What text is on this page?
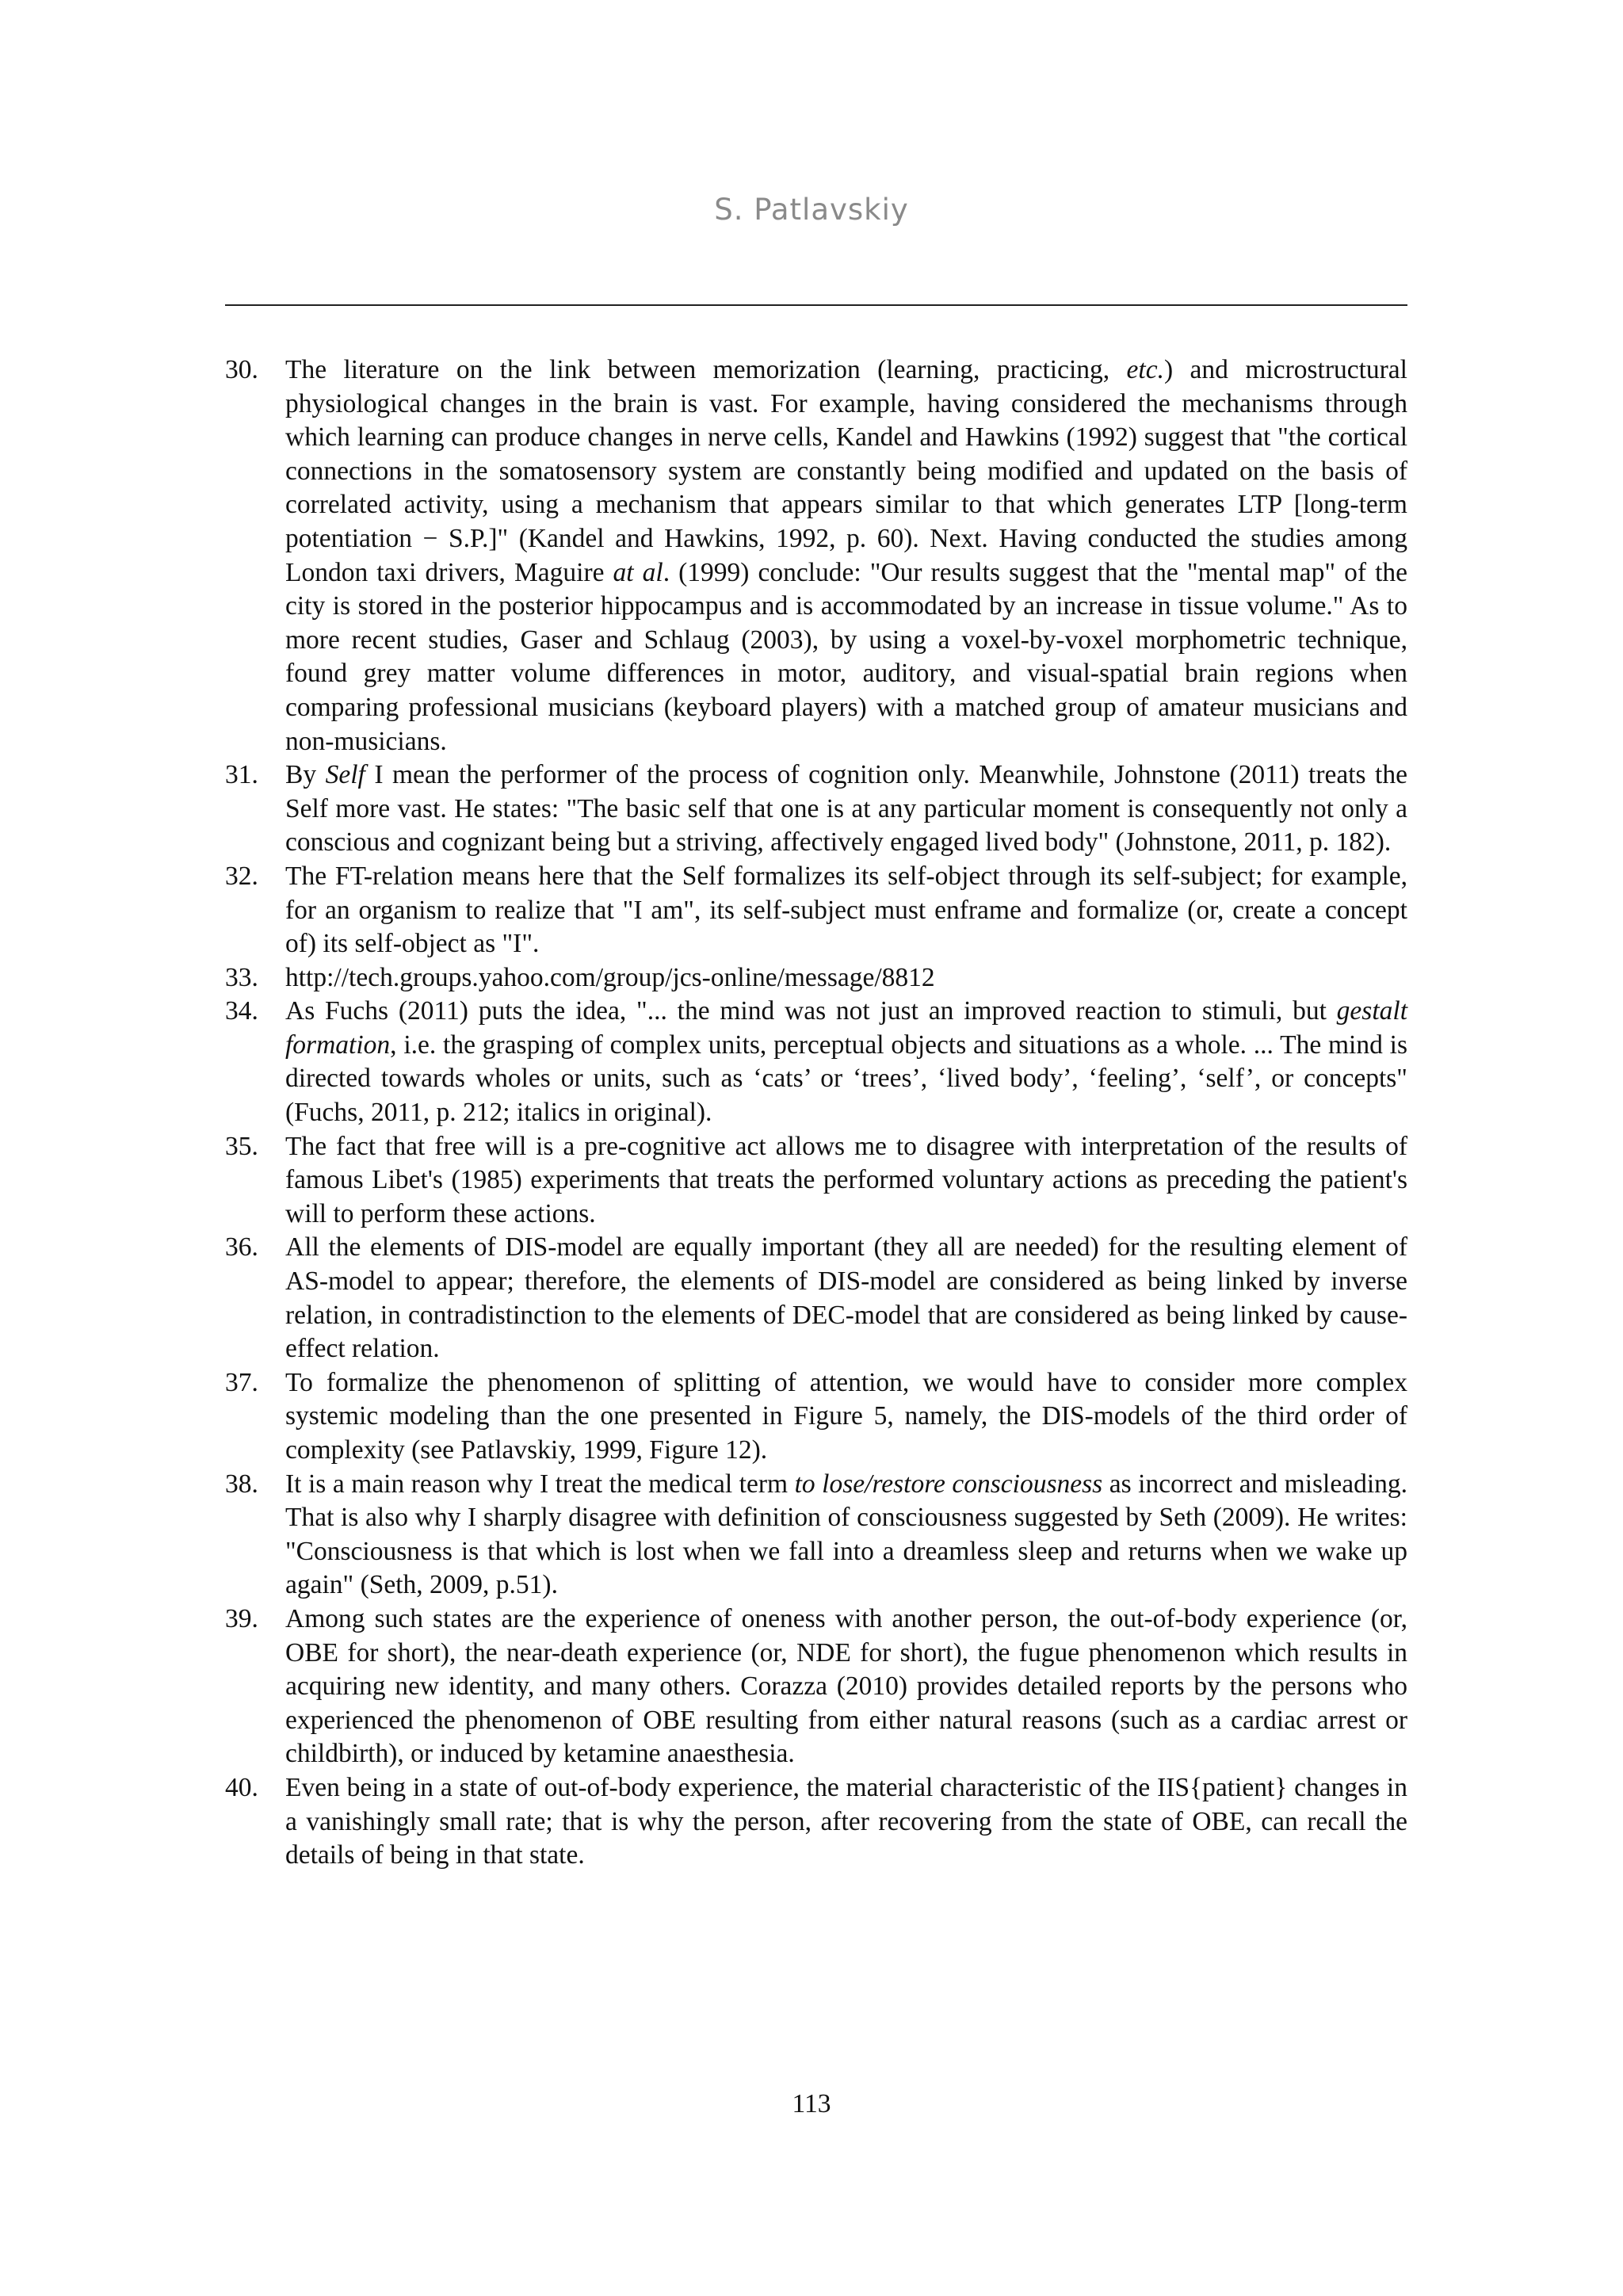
S. Patlavskiy
30. The literature on the link between memorization (learning, practicing, etc.) and microstructural physiological changes in the brain is vast. For example, having considered the mechanisms through which learning can produce changes in nerve cells, Kandel and Hawkins (1992) suggest that "the cortical connections in the somatosensory system are constantly being modified and updated on the basis of correlated activity, using a mechanism that appears similar to that which generates LTP [long-term potentiation − S.P.]" (Kandel and Hawkins, 1992, p. 60). Next. Having conducted the studies among London taxi drivers, Maguire at al. (1999) conclude: "Our results suggest that the "mental map" of the city is stored in the posterior hippocampus and is accommodated by an increase in tissue volume." As to more recent studies, Gaser and Schlaug (2003), by using a voxel-by-voxel morphometric technique, found grey matter volume differences in motor, auditory, and visual-spatial brain regions when comparing professional musicians (keyboard players) with a matched group of amateur musicians and non-musicians.
31. By Self I mean the performer of the process of cognition only. Meanwhile, Johnstone (2011) treats the Self more vast. He states: "The basic self that one is at any particular moment is consequently not only a conscious and cognizant being but a striving, affectively engaged lived body" (Johnstone, 2011, p. 182).
32. The FT-relation means here that the Self formalizes its self-object through its self-subject; for example, for an organism to realize that "I am", its self-subject must enframe and formalize (or, create a concept of) its self-object as "I".
33. http://tech.groups.yahoo.com/group/jcs-online/message/8812
34. As Fuchs (2011) puts the idea, "... the mind was not just an improved reaction to stimuli, but gestalt formation, i.e. the grasping of complex units, perceptual objects and situations as a whole. ... The mind is directed towards wholes or units, such as ‘cats’ or ‘trees’, ‘lived body’, ‘feeling’, ‘self’, or concepts" (Fuchs, 2011, p. 212; italics in original).
35. The fact that free will is a pre-cognitive act allows me to disagree with interpretation of the results of famous Libet's (1985) experiments that treats the performed voluntary actions as preceding the patient's will to perform these actions.
36. All the elements of DIS-model are equally important (they all are needed) for the resulting element of AS-model to appear; therefore, the elements of DIS-model are considered as being linked by inverse relation, in contradistinction to the elements of DEC-model that are considered as being linked by cause-effect relation.
37. To formalize the phenomenon of splitting of attention, we would have to consider more complex systemic modeling than the one presented in Figure 5, namely, the DIS-models of the third order of complexity (see Patlavskiy, 1999, Figure 12).
38. It is a main reason why I treat the medical term to lose/restore consciousness as incorrect and misleading. That is also why I sharply disagree with definition of consciousness suggested by Seth (2009). He writes: "Consciousness is that which is lost when we fall into a dreamless sleep and returns when we wake up again" (Seth, 2009, p.51).
39. Among such states are the experience of oneness with another person, the out-of-body experience (or, OBE for short), the near-death experience (or, NDE for short), the fugue phenomenon which results in acquiring new identity, and many others. Corazza (2010) provides detailed reports by the persons who experienced the phenomenon of OBE resulting from either natural reasons (such as a cardiac arrest or childbirth), or induced by ketamine anaesthesia.
40. Even being in a state of out-of-body experience, the material characteristic of the IIS{patient} changes in a vanishingly small rate; that is why the person, after recovering from the state of OBE, can recall the details of being in that state.
113
